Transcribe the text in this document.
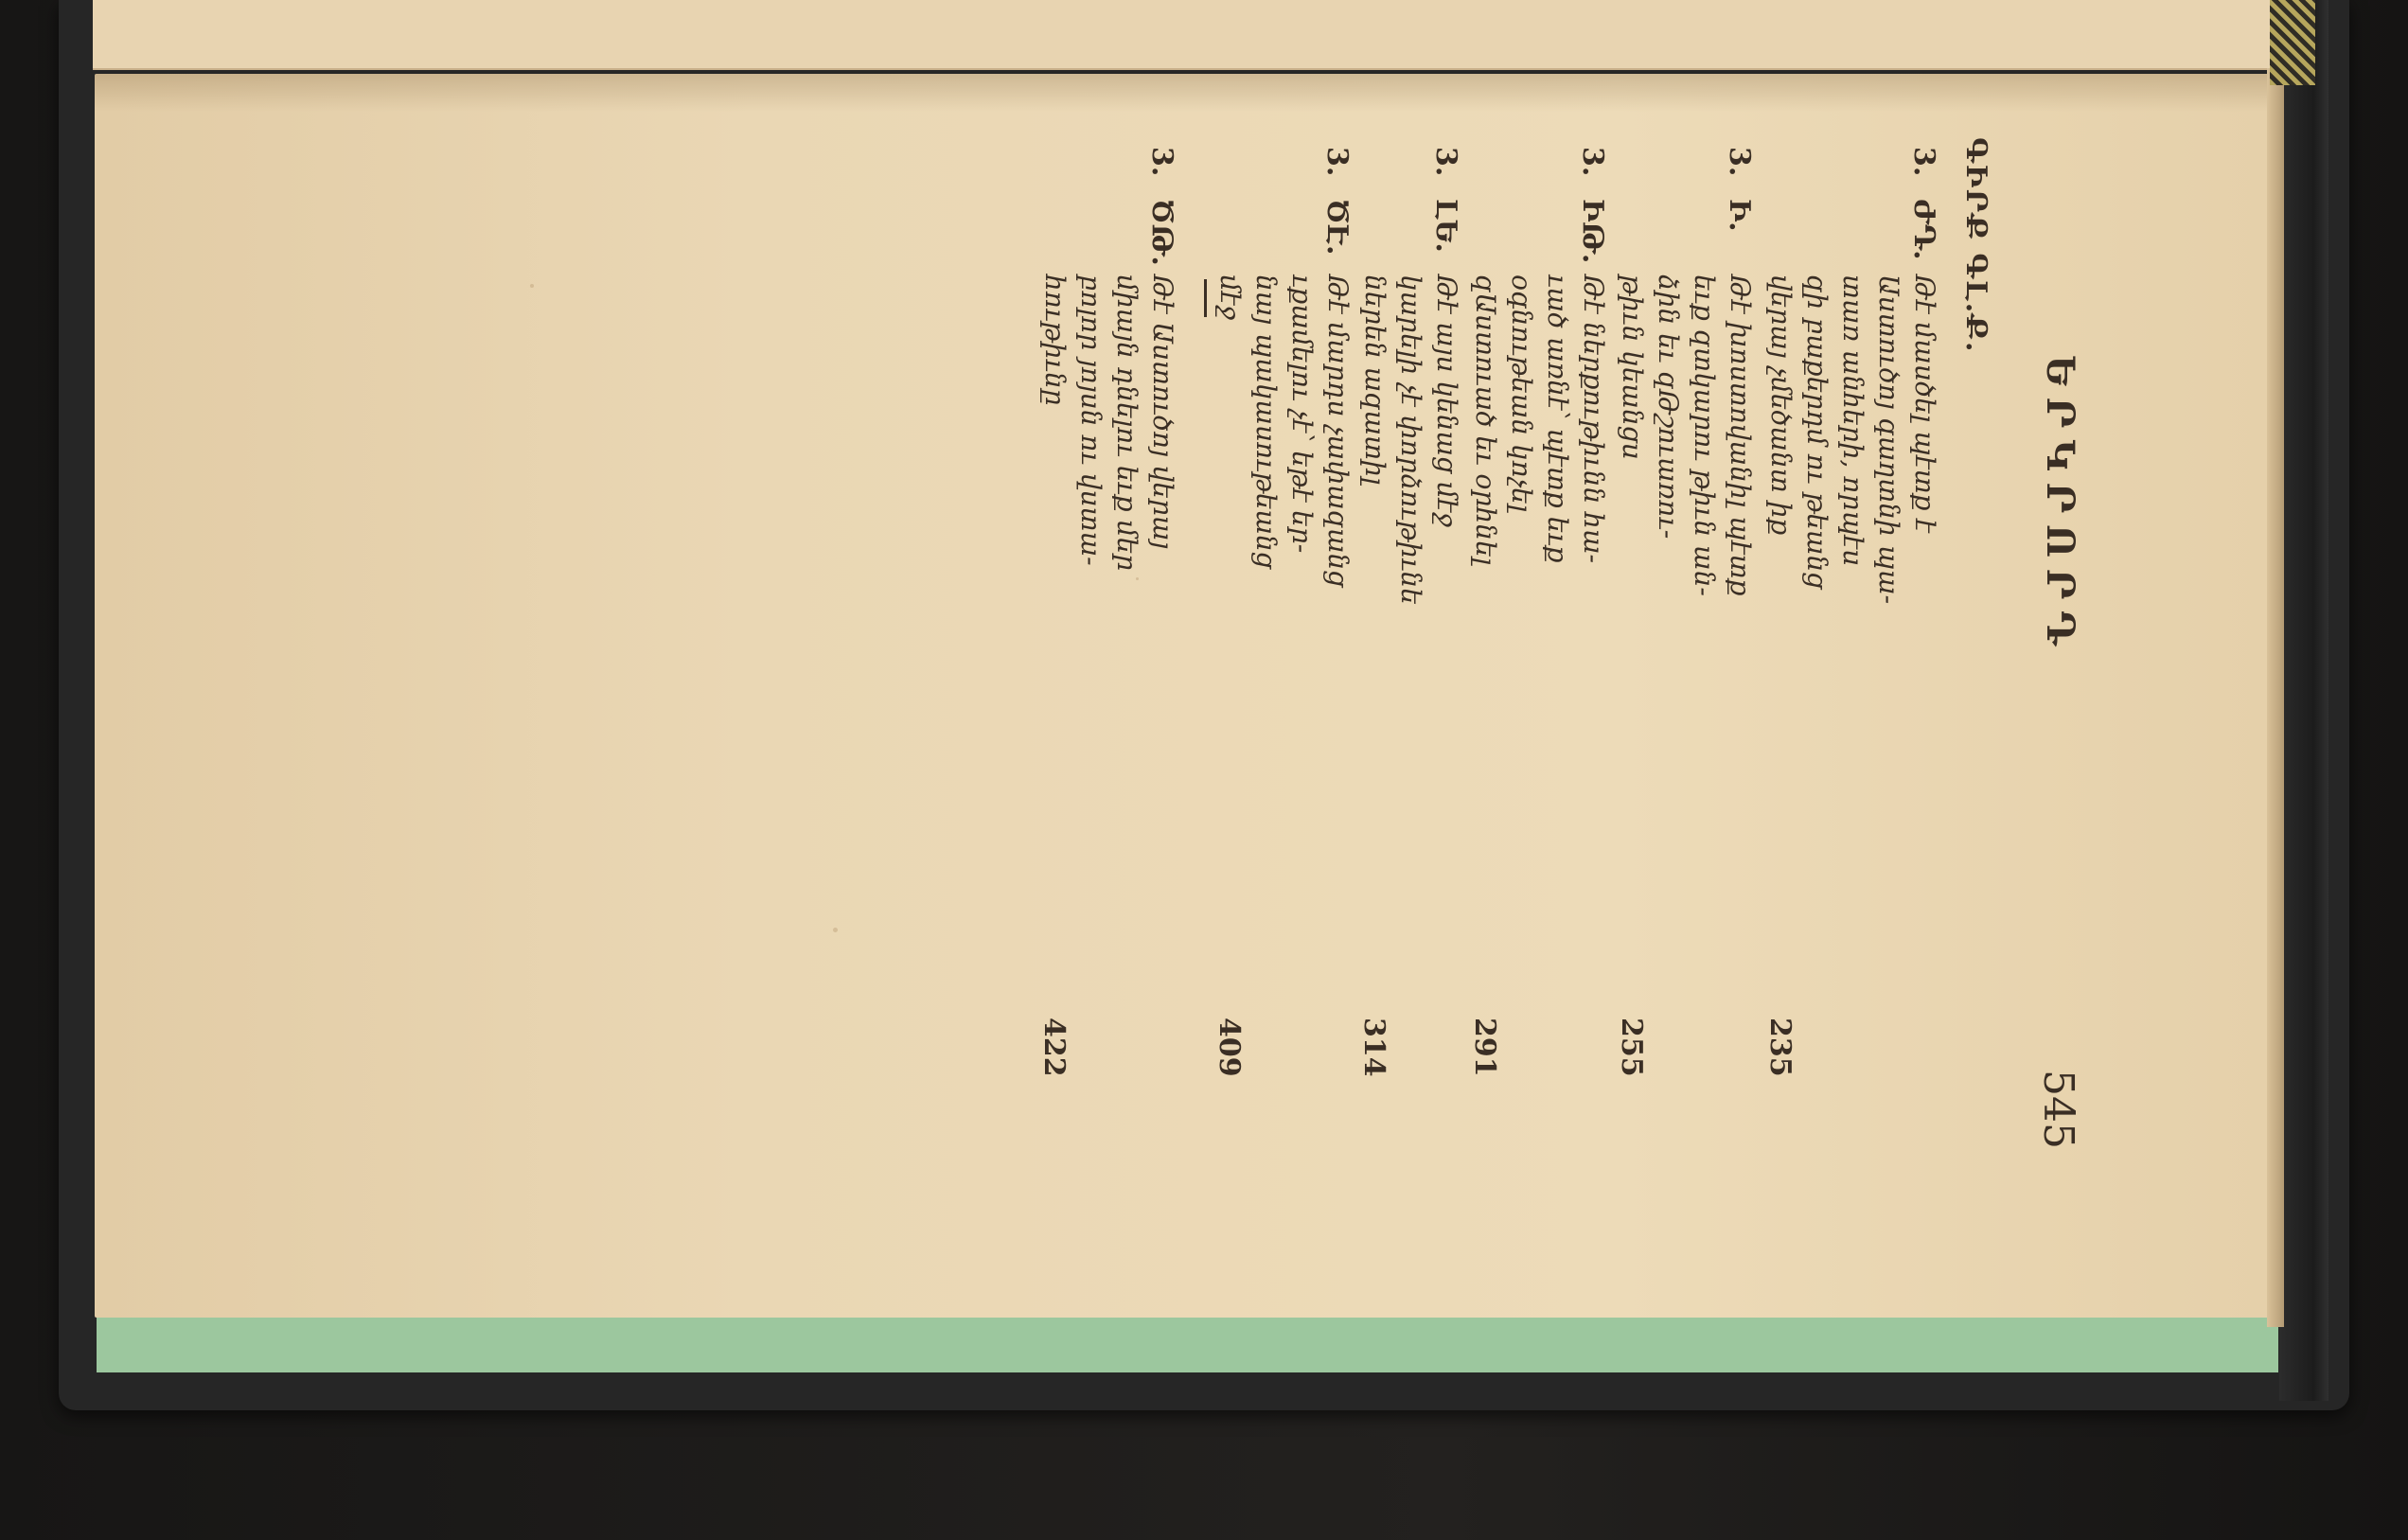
ԵՐԿՐՈՐԴ
545
ԳԻՐՔ ԳԼ.Ք.
3.
ԺԴ.
Թէ մասծել պէտք է
Աստուծոյ գաղտնի պա-
տառ անհերի, որպէս
զի բաքերդմ ու թեանց
վերայ չմեծանտ իք
235
3.
Ի.
Թէ խոստովանիլ պէտք
եւք զտկարու թիւն ան-
ձին եւ զԹշուառու-
թիւն կեանցս
255
3.
ԻԹ.
Թէ ներքութիւնն հա-
ւած առնէ՝ պէտք եւք
օգնութեան կոչել
զԱստուած եւ օրհնել
291
3.
ԼԵ.
Թէ այս կենաց մէջ
կարելի չէ փորձութիւնե
ներեն ազատիլ
314
3.
ԾԷ.
Թէ մարդս չափազանց
ւքամելու չէ՝ եթէ եր-
նայ պակասութեանց
մէջ
409
3.
ԾԹ.
Թէ Աստուծոյ վերայ
միայն դնելու եւք մեր
բոլոր յոյսն ու վստա-
հութիւնը
422
